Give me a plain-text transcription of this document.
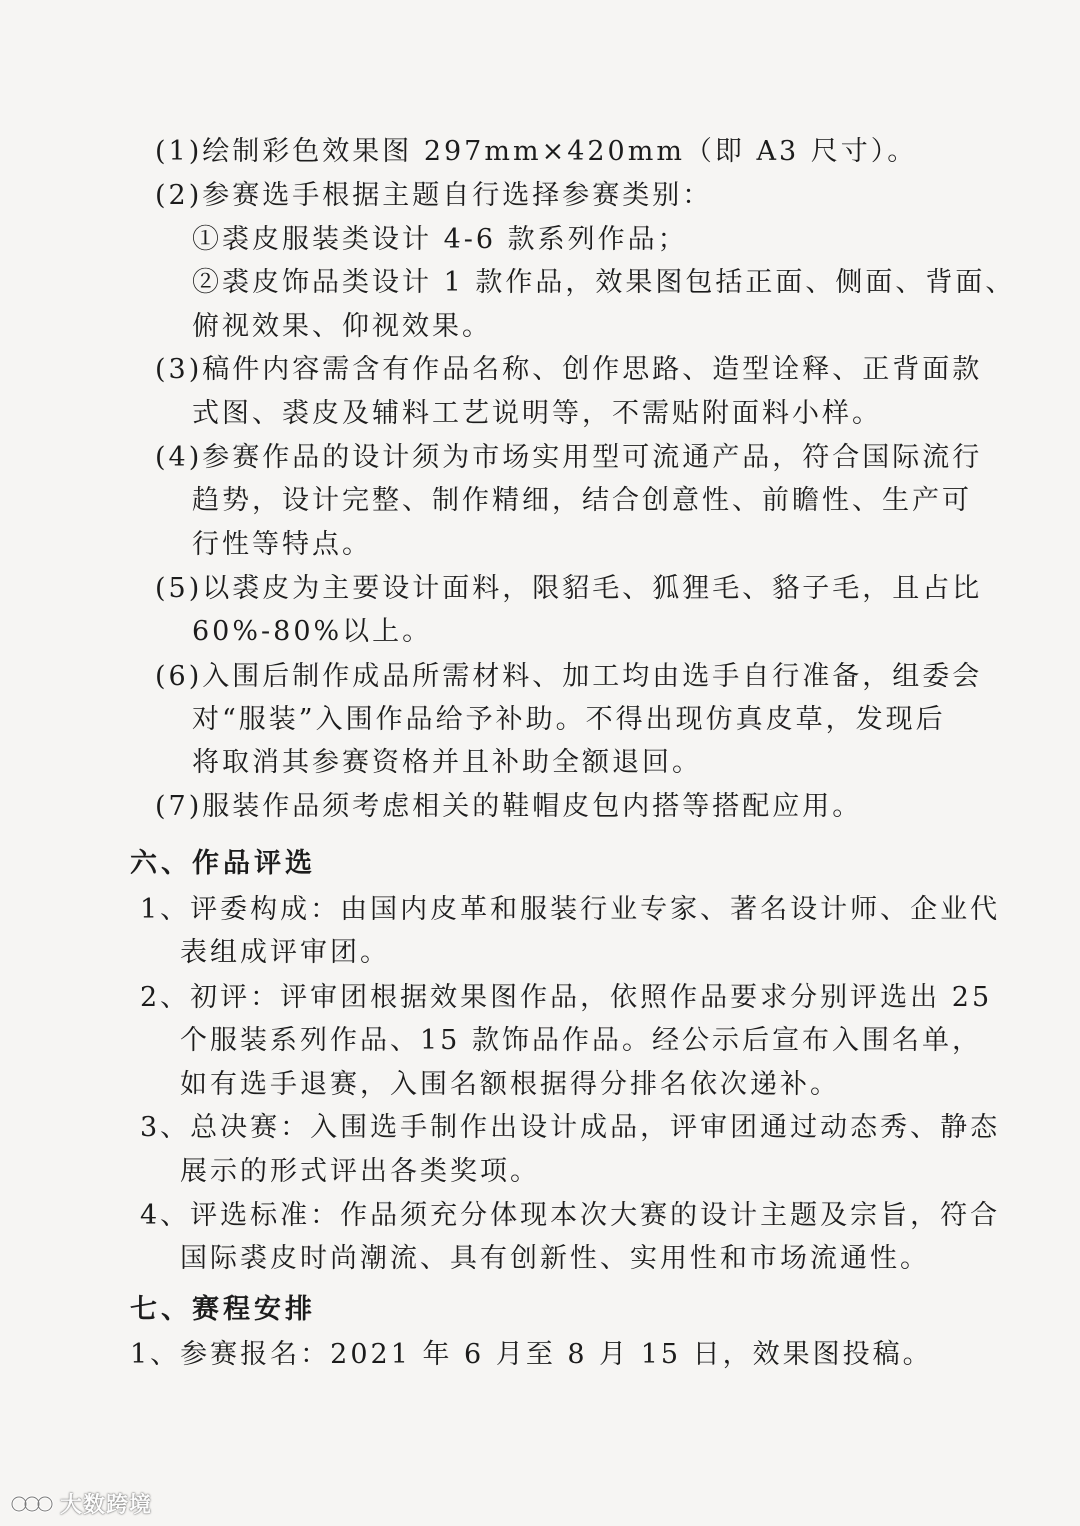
(1)绘制彩色效果图 297mm×420mm（即 A3 尺寸）。
(2)参赛选手根据主题自行选择参赛类别：
①裘皮服装类设计 4-6 款系列作品；
②裘皮饰品类设计 1 款作品，效果图包括正面、侧面、背面、
俯视效果、仰视效果。
(3)稿件内容需含有作品名称、创作思路、造型诠释、正背面款
式图、裘皮及辅料工艺说明等，不需贴附面料小样。
(4)参赛作品的设计须为市场实用型可流通产品，符合国际流行
趋势，设计完整、制作精细，结合创意性、前瞻性、生产可
行性等特点。
(5)以裘皮为主要设计面料，限貂毛、狐狸毛、貉子毛，且占比
60%-80%以上。
(6)入围后制作成品所需材料、加工均由选手自行准备，组委会
对“服装”入围作品给予补助。不得出现仿真皮草，发现后
将取消其参赛资格并且补助全额退回。
(7)服装作品须考虑相关的鞋帽皮包内搭等搭配应用。
六、作品评选
1、评委构成：由国内皮革和服装行业专家、著名设计师、企业代
表组成评审团。
2、初评：评审团根据效果图作品，依照作品要求分别评选出 25
个服装系列作品、15 款饰品作品。经公示后宣布入围名单，
如有选手退赛，入围名额根据得分排名依次递补。
3、总决赛：入围选手制作出设计成品，评审团通过动态秀、静态
展示的形式评出各类奖项。
4、评选标准：作品须充分体现本次大赛的设计主题及宗旨，符合
国际裘皮时尚潮流、具有创新性、实用性和市场流通性。
七、赛程安排
1、参赛报名：2021 年 6 月至 8 月 15 日，效果图投稿。
大数跨境
